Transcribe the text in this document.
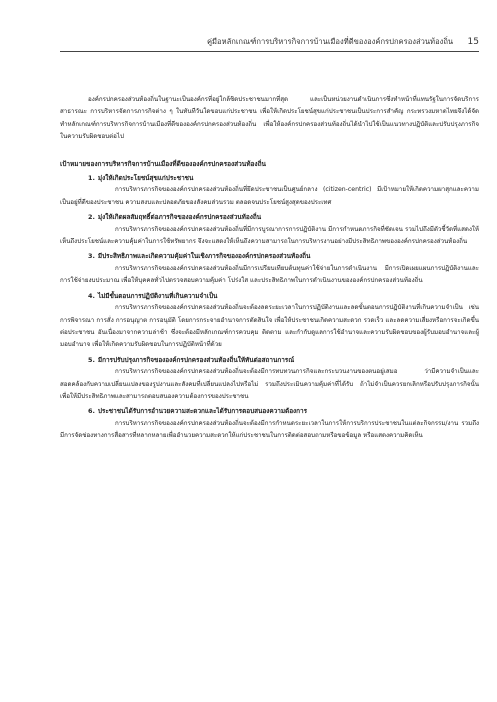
คู่มือหลักเกณฑ์การบริหารกิจการบ้านเมืองที่ดีขององค์กรปกครองส่วนท้องถิ่น 15

องค์กรปกครองส่วนท้องถิ่นในฐานะเป็นองค์กรที่อยู่ใกล้ชิดประชาชนมากที่สุด และเป็นหน่วยงานดำเนินการซึ่งทำหน้าที่แทนรัฐในการจัดบริการสาธารณะ การบริหารจัดการภารกิจต่าง ๆ ในทันทีวันใดขอบแก่ประชาชน เพื่อให้เกิดประโยชน์สุขแก่ประชาชนเป็นประการสำคัญ กระทรวงมหาดไทยจึงได้จัดทำหลักเกณฑ์การบริหารกิจการบ้านเมืองที่ดีขององค์กรปกครองส่วนท้องถิ่น เพื่อให้องค์กรปกครองส่วนท้องถิ่นได้นำไปใช้เป็นแนวทางปฏิบัติและปรับปรุงภารกิจในความรับผิดชอบต่อไป

เป้าหมายของการบริหารกิจการบ้านเมืองที่ดีขององค์กรปกครองส่วนท้องถิ่น

1. มุ่งให้เกิดประโยชน์สุขแก่ประชาชน

การบริหารภารกิจขององค์กรปกครองส่วนท้องถิ่นที่ยึดประชาชนเป็นศูนย์กลาง (citizen-centric) มีเป้าหมายให้เกิดความผาสุกและความเป็นอยู่ที่ดีของประชาชน ความสงบและปลอดภัยของสังคมส่วนรวม ตลอดจนประโยชน์สูงสุดของประเทศ

2. มุ่งให้เกิดผลสัมฤทธิ์ต่อภารกิจขององค์กรปกครองส่วนท้องถิ่น

การบริหารภารกิจขององค์กรปกครองส่วนท้องถิ่นที่มีการบูรณาการการปฏิบัติงาน มีการกำหนดภารกิจที่ชัดเจน รวมไปถึงมีตัวชี้วัดที่แสดงให้เห็นถึงประโยชน์และความคุ้มค่าในการใช้ทรัพยากร จึงจะแสดงให้เห็นถึงความสามารถในการบริหารงานอย่างมีประสิทธิภาพขององค์กรปกครองส่วนท้องถิ่น

3. มีประสิทธิภาพและเกิดความคุ้มค่าในเชิงภารกิจขององค์กรปกครองส่วนท้องถิ่น

การบริหารภารกิจขององค์กรปกครองส่วนท้องถิ่นมีการเปรียบเทียบต้นทุนค่าใช้จ่ายในการดำเนินงาน มีการเปิดเผยแผนการปฏิบัติงานและการใช้จ่ายงบประมาณ เพื่อให้บุคคลทั่วไปตรวจสอบความคุ้มค่า โปร่งใส และประสิทธิภาพในการดำเนินงานขององค์กรปกครองส่วนท้องถิ่น

4. ไม่มีขั้นตอนการปฏิบัติงานที่เกินความจำเป็น

การบริหารภารกิจขององค์กรปกครองส่วนท้องถิ่นจะต้องลดระยะเวลาในการปฏิบัติงานและลดขั้นตอนการปฏิบัติงานที่เกินความจำเป็น เช่น การพิจารณา การสั่ง การอนุญาต การอนุมัติ โดยการกระจายอำนาจการตัดสินใจ เพื่อให้ประชาชนเกิดความสะดวก รวดเร็ว และลดความเสี่ยงหรือการจะเกิดขึ้นต่อประชาชน อันเนื่องมาจากความล่าช้า ซึ่งจะต้องมีหลักเกณฑ์การควบคุม ติดตาม และกำกับดูแลการใช้อำนาจและความรับผิดชอบของผู้รับมอบอำนาจและผู้มอบอำนาจ เพื่อให้เกิดความรับผิดชอบในการปฏิบัติหน้าที่ด้วย

5. มีการปรับปรุงภารกิจขององค์กรปกครองส่วนท้องถิ่นให้ทันต่อสถานการณ์

การบริหารภารกิจขององค์กรปกครองส่วนท้องถิ่นจะต้องมีการทบทวนภารกิจและกระบวนงานของตนอยู่เสมอ ว่ามีความจำเป็นและสอดคล้องกับความเปลี่ยนแปลงของรูปงานและสังคมที่เปลี่ยนแปลงไปหรือไม่ รวมถึงประเมินความคุ้มค่าที่ได้รับ ถ้าไม่จำเป็นควรยกเลิกหรือปรับปรุงภารกิจนั้น เพื่อให้มีประสิทธิภาพและสามารถตอบสนองความต้องการของประชาชน

6. ประชาชนได้รับการอำนวยความสะดวกและได้รับการตอบสนองความต้องการ

การบริหารภารกิจขององค์กรปกครองส่วนท้องถิ่นจะต้องมีการกำหนดระยะเวลาในการให้การบริการประชาชนในแต่ละกิจกรรม/งาน รวมถึงมีการจัดช่องทางการสื่อสารที่หลากหลายเพื่ออำนวยความสะดวกให้แก่ประชาชนในการติดต่อสอบถามหรือขอข้อมูล หรือแสดงความคิดเห็น
